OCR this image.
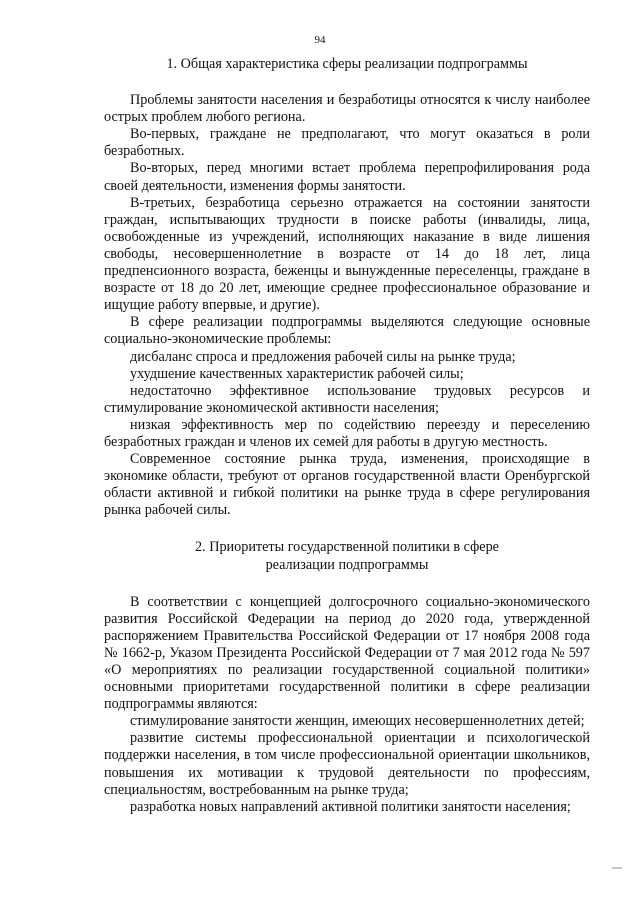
94

1. Общая характеристика сферы реализации подпрограммы

Проблемы занятости населения и безработицы относятся к числу наиболее острых проблем любого региона.

Во-первых, граждане не предполагают, что могут оказаться в роли безработных.

Во-вторых, перед многими встает проблема перепрофилирования рода своей деятельности, изменения формы занятости.

В-третьих, безработица серьезно отражается на состоянии занятости граждан, испытывающих трудности в поиске работы (инвалиды, лица, освобожденные из учреждений, исполняющих наказание в виде лишения свободы, несовершеннолетние в возрасте от 14 до 18 лет, лица предпенсионного возраста, беженцы и вынужденные переселенцы, граждане в возрасте от 18 до 20 лет, имеющие среднее профессиональное образование и ищущие работу впервые, и другие).

В сфере реализации подпрограммы выделяются следующие основные социально-экономические проблемы:

дисбаланс спроса и предложения рабочей силы на рынке труда;

ухудшение качественных характеристик рабочей силы;

недостаточно эффективное использование трудовых ресурсов и стимулирование экономической активности населения;

низкая эффективность мер по содействию переезду и переселению безработных граждан и членов их семей для работы в другую местность.

Современное состояние рынка труда, изменения, происходящие в экономике области, требуют от органов государственной власти Оренбургской области активной и гибкой политики на рынке труда в сфере регулирования рынка рабочей силы.

2. Приоритеты государственной политики в сфере
реализации подпрограммы

В соответствии с концепцией долгосрочного социально-экономического развития Российской Федерации на период до 2020 года, утвержденной распоряжением Правительства Российской Федерации от 17 ноября 2008 года № 1662-р, Указом Президента Российской Федерации от 7 мая 2012 года № 597 «О мероприятиях по реализации государственной социальной политики» основными приоритетами государственной политики в сфере реализации подпрограммы являются:

стимулирование занятости женщин, имеющих несовершеннолетних детей;

развитие системы профессиональной ориентации и психологической поддержки населения, в том числе профессиональной ориентации школьников, повышения их мотивации к трудовой деятельности по профессиям, специальностям, востребованным на рынке труда;

разработка новых направлений активной политики занятости населения;
